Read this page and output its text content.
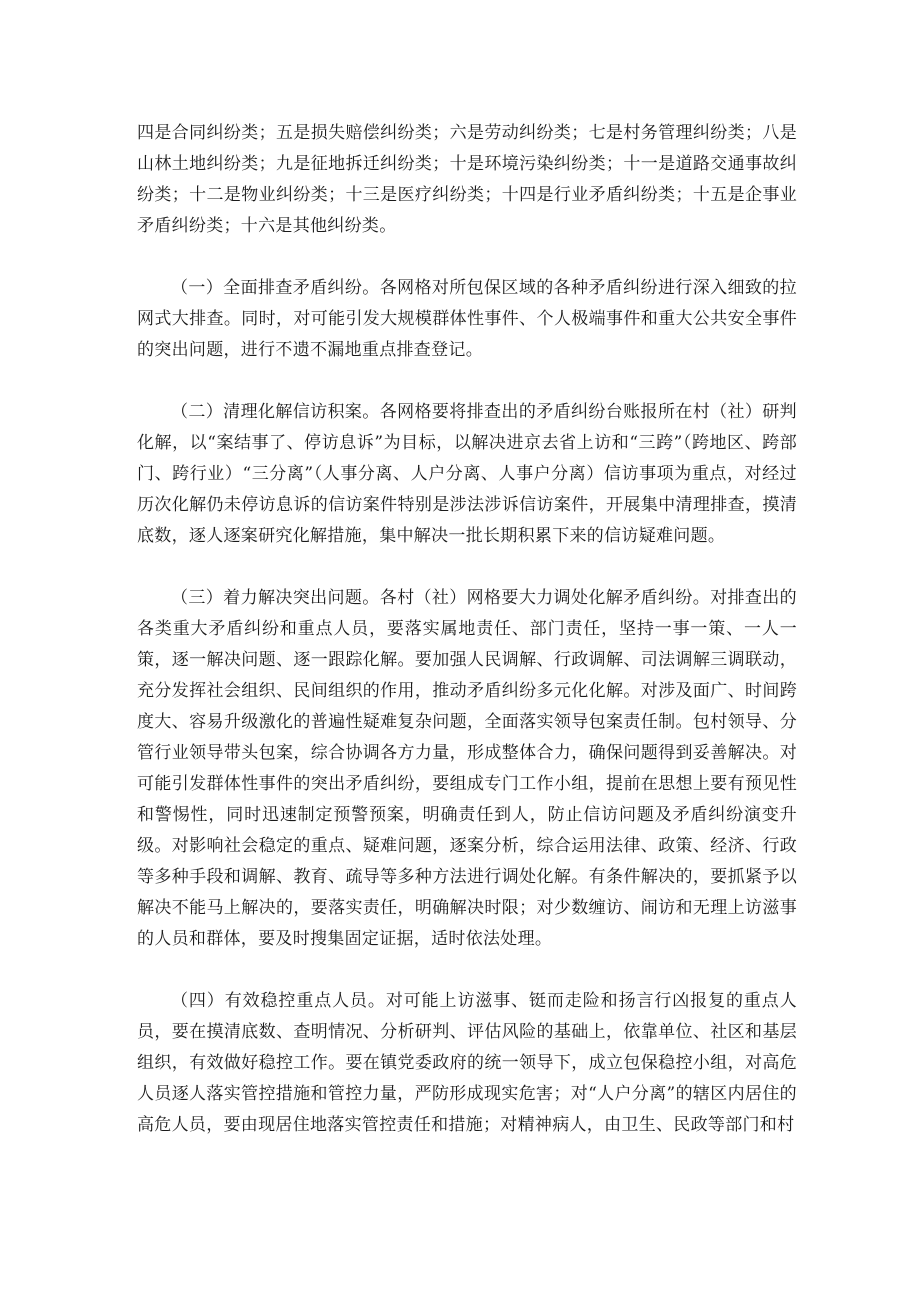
四是合同纠纷类；五是损失赔偿纠纷类；六是劳动纠纷类；七是村务管理纠纷类；八是山林土地纠纷类；九是征地拆迁纠纷类；十是环境污染纠纷类；十一是道路交通事故纠纷类；十二是物业纠纷类；十三是医疗纠纷类；十四是行业矛盾纠纷类；十五是企事业矛盾纠纷类；十六是其他纠纷类。

（一）全面排查矛盾纠纷。各网格对所包保区域的各种矛盾纠纷进行深入细致的拉网式大排查。同时，对可能引发大规模群体性事件、个人极端事件和重大公共安全事件的突出问题，进行不遗不漏地重点排查登记。

（二）清理化解信访积案。各网格要将排查出的矛盾纠纷台账报所在村（社）研判化解，以“案结事了、停访息诉”为目标，以解决进京去省上访和“三跨”（跨地区、跨部门、跨行业）“三分离”（人事分离、人户分离、人事户分离）信访事项为重点，对经过历次化解仍未停访息诉的信访案件特别是涉法涉诉信访案件，开展集中清理排查，摸清底数，逐人逐案研究化解措施，集中解决一批长期积累下来的信访疑难问题。

（三）着力解决突出问题。各村（社）网格要大力调处化解矛盾纠纷。对排查出的各类重大矛盾纠纷和重点人员，要落实属地责任、部门责任，坚持一事一策、一人一策，逐一解决问题、逐一跟踪化解。要加强人民调解、行政调解、司法调解三调联动，充分发挥社会组织、民间组织的作用，推动矛盾纠纷多元化化解。对涉及面广、时间跨度大、容易升级激化的普遍性疑难复杂问题，全面落实领导包案责任制。包村领导、分管行业领导带头包案，综合协调各方力量，形成整体合力，确保问题得到妥善解决。对可能引发群体性事件的突出矛盾纠纷，要组成专门工作小组，提前在思想上要有预见性和警惕性，同时迅速制定预警预案，明确责任到人，防止信访问题及矛盾纠纷演变升级。对影响社会稳定的重点、疑难问题，逐案分析，综合运用法律、政策、经济、行政等多种手段和调解、教育、疏导等多种方法进行调处化解。有条件解决的，要抓紧予以解决不能马上解决的，要落实责任，明确解决时限；对少数缠访、闹访和无理上访滋事的人员和群体，要及时搜集固定证据，适时依法处理。

（四）有效稳控重点人员。对可能上访滋事、铤而走险和扬言行凶报复的重点人员，要在摸清底数、查明情况、分析研判、评估风险的基础上，依靠单位、社区和基层组织，有效做好稳控工作。要在镇党委政府的统一领导下，成立包保稳控小组，对高危人员逐人落实管控措施和管控力量，严防形成现实危害；对“人户分离”的辖区内居住的高危人员，要由现居住地落实管控责任和措施；对精神病人，由卫生、民政等部门和村
